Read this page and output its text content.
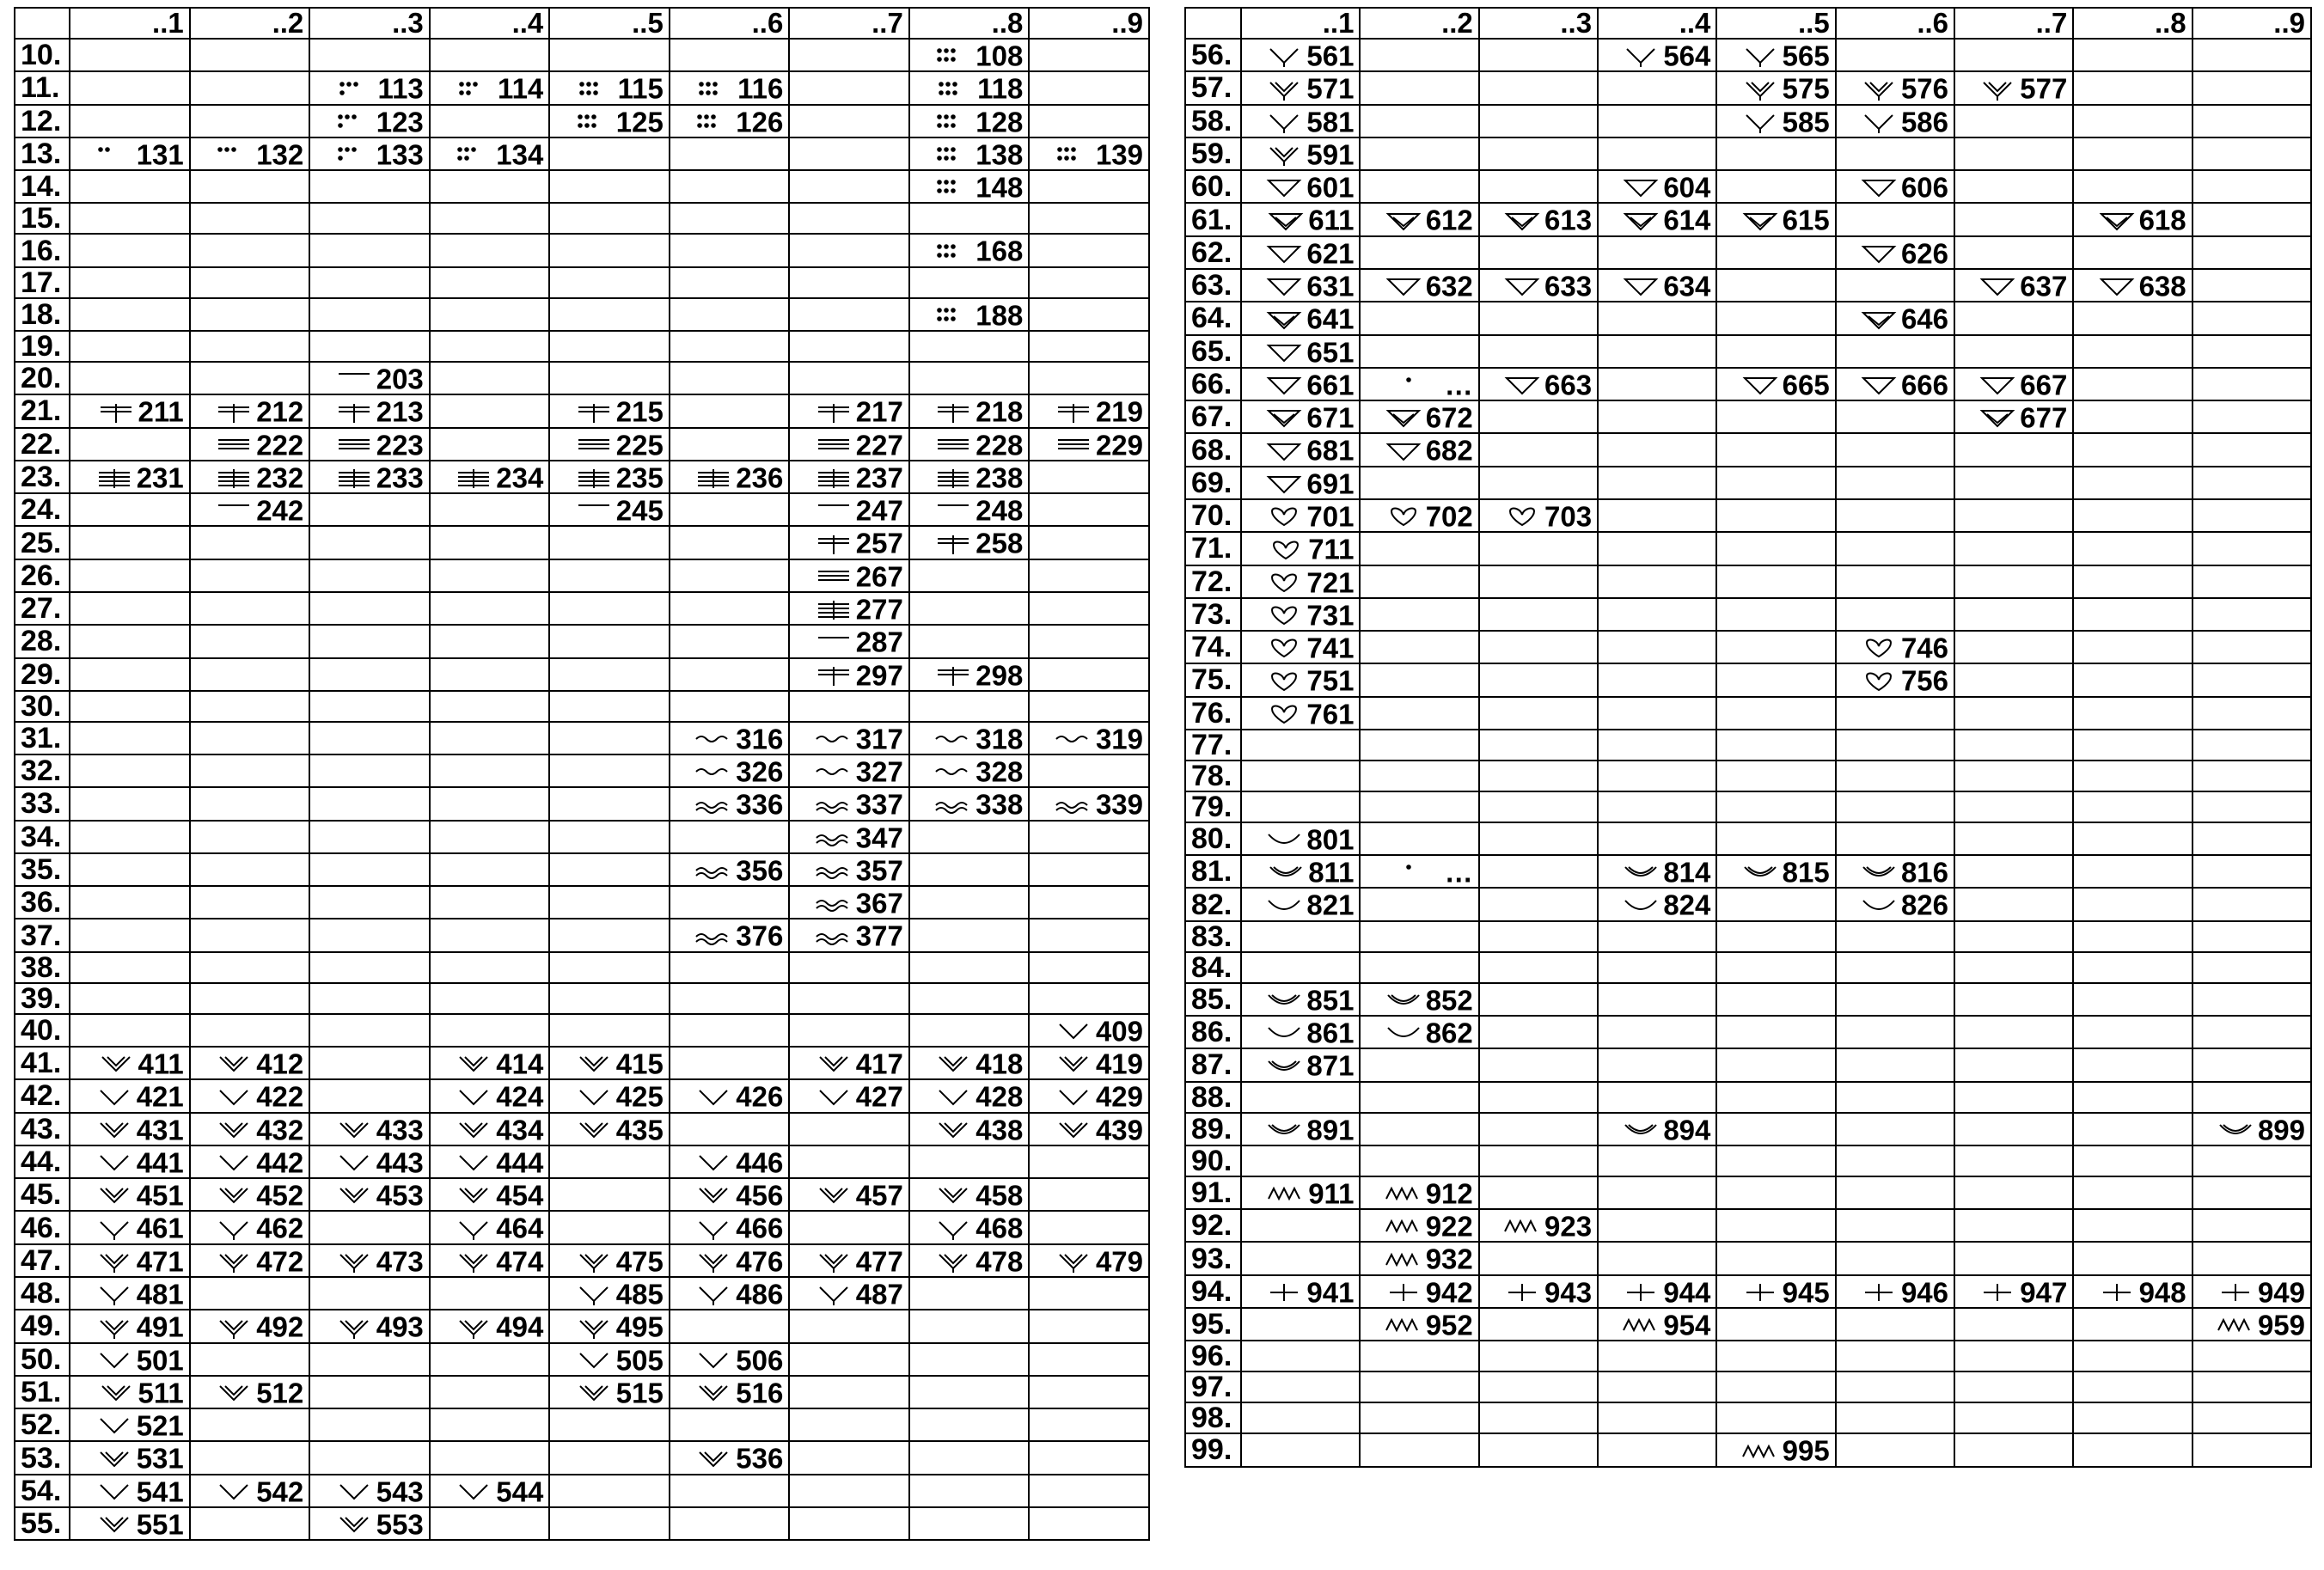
	..1	..2	..3	..4	..5	..6	..7	..8	..9
10.								108	
11.			113	114	115	116		118	
12.			123		125	126		128	
13.	131	132	133	134				138	139
14.								148	
15.									
16.								168	
17.									
18.								188	
19.									
20.			203						
21.	211	212	213		215		217	218	219
22.		222	223		225		227	228	229
23.	231	232	233	234	235	236	237	238	
24.		242			245		247	248	
25.							257	258	
26.							267		
27.							277		
28.							287		
29.							297	298	
30.									
31.						316	317	318	319
32.						326	327	328	
33.						336	337	338	339
34.							347		
35.						356	357		
36.							367		
37.						376	377		
38.									
39.									
40.									409
41.	411	412		414	415		417	418	419
42.	421	422		424	425	426	427	428	429
43.	431	432	433	434	435			438	439
44.	441	442	443	444		446			
45.	451	452	453	454		456	457	458	
46.	461	462		464		466		468	
47.	471	472	473	474	475	476	477	478	479
48.	481				485	486	487		
49.	491	492	493	494	495				
50.	501				505	506			
51.	511	512			515	516			
52.	521								
53.	531					536			
54.	541	542	543	544					
55.	551		553						
	..1	..2	..3	..4	..5	..6	..7	..8	..9
56.	561			564	565				
57.	571				575	576	577		
58.	581				585	586			
59.	591								
60.	601			604		606			
61.	611	612	613	614	615			618	
62.	621					626			
63.	631	632	633	634			637	638	
64.	641					646			
65.	651								
66.	661	…	663		665	666	667		
67.	671	672					677		
68.	681	682							
69.	691								
70.	701	702	703						
71.	711								
72.	721								
73.	731								
74.	741					746			
75.	751					756			
76.	761								
77.									
78.									
79.									
80.	801								
81.	811	…		814	815	816			
82.	821			824		826			
83.									
84.									
85.	851	852							
86.	861	862							
87.	871								
88.									
89.	891			894					899
90.									
91.	911	912							
92.		922	923						
93.		932							
94.	941	942	943	944	945	946	947	948	949
95.		952		954					959
96.									
97.									
98.									
99.					995				
